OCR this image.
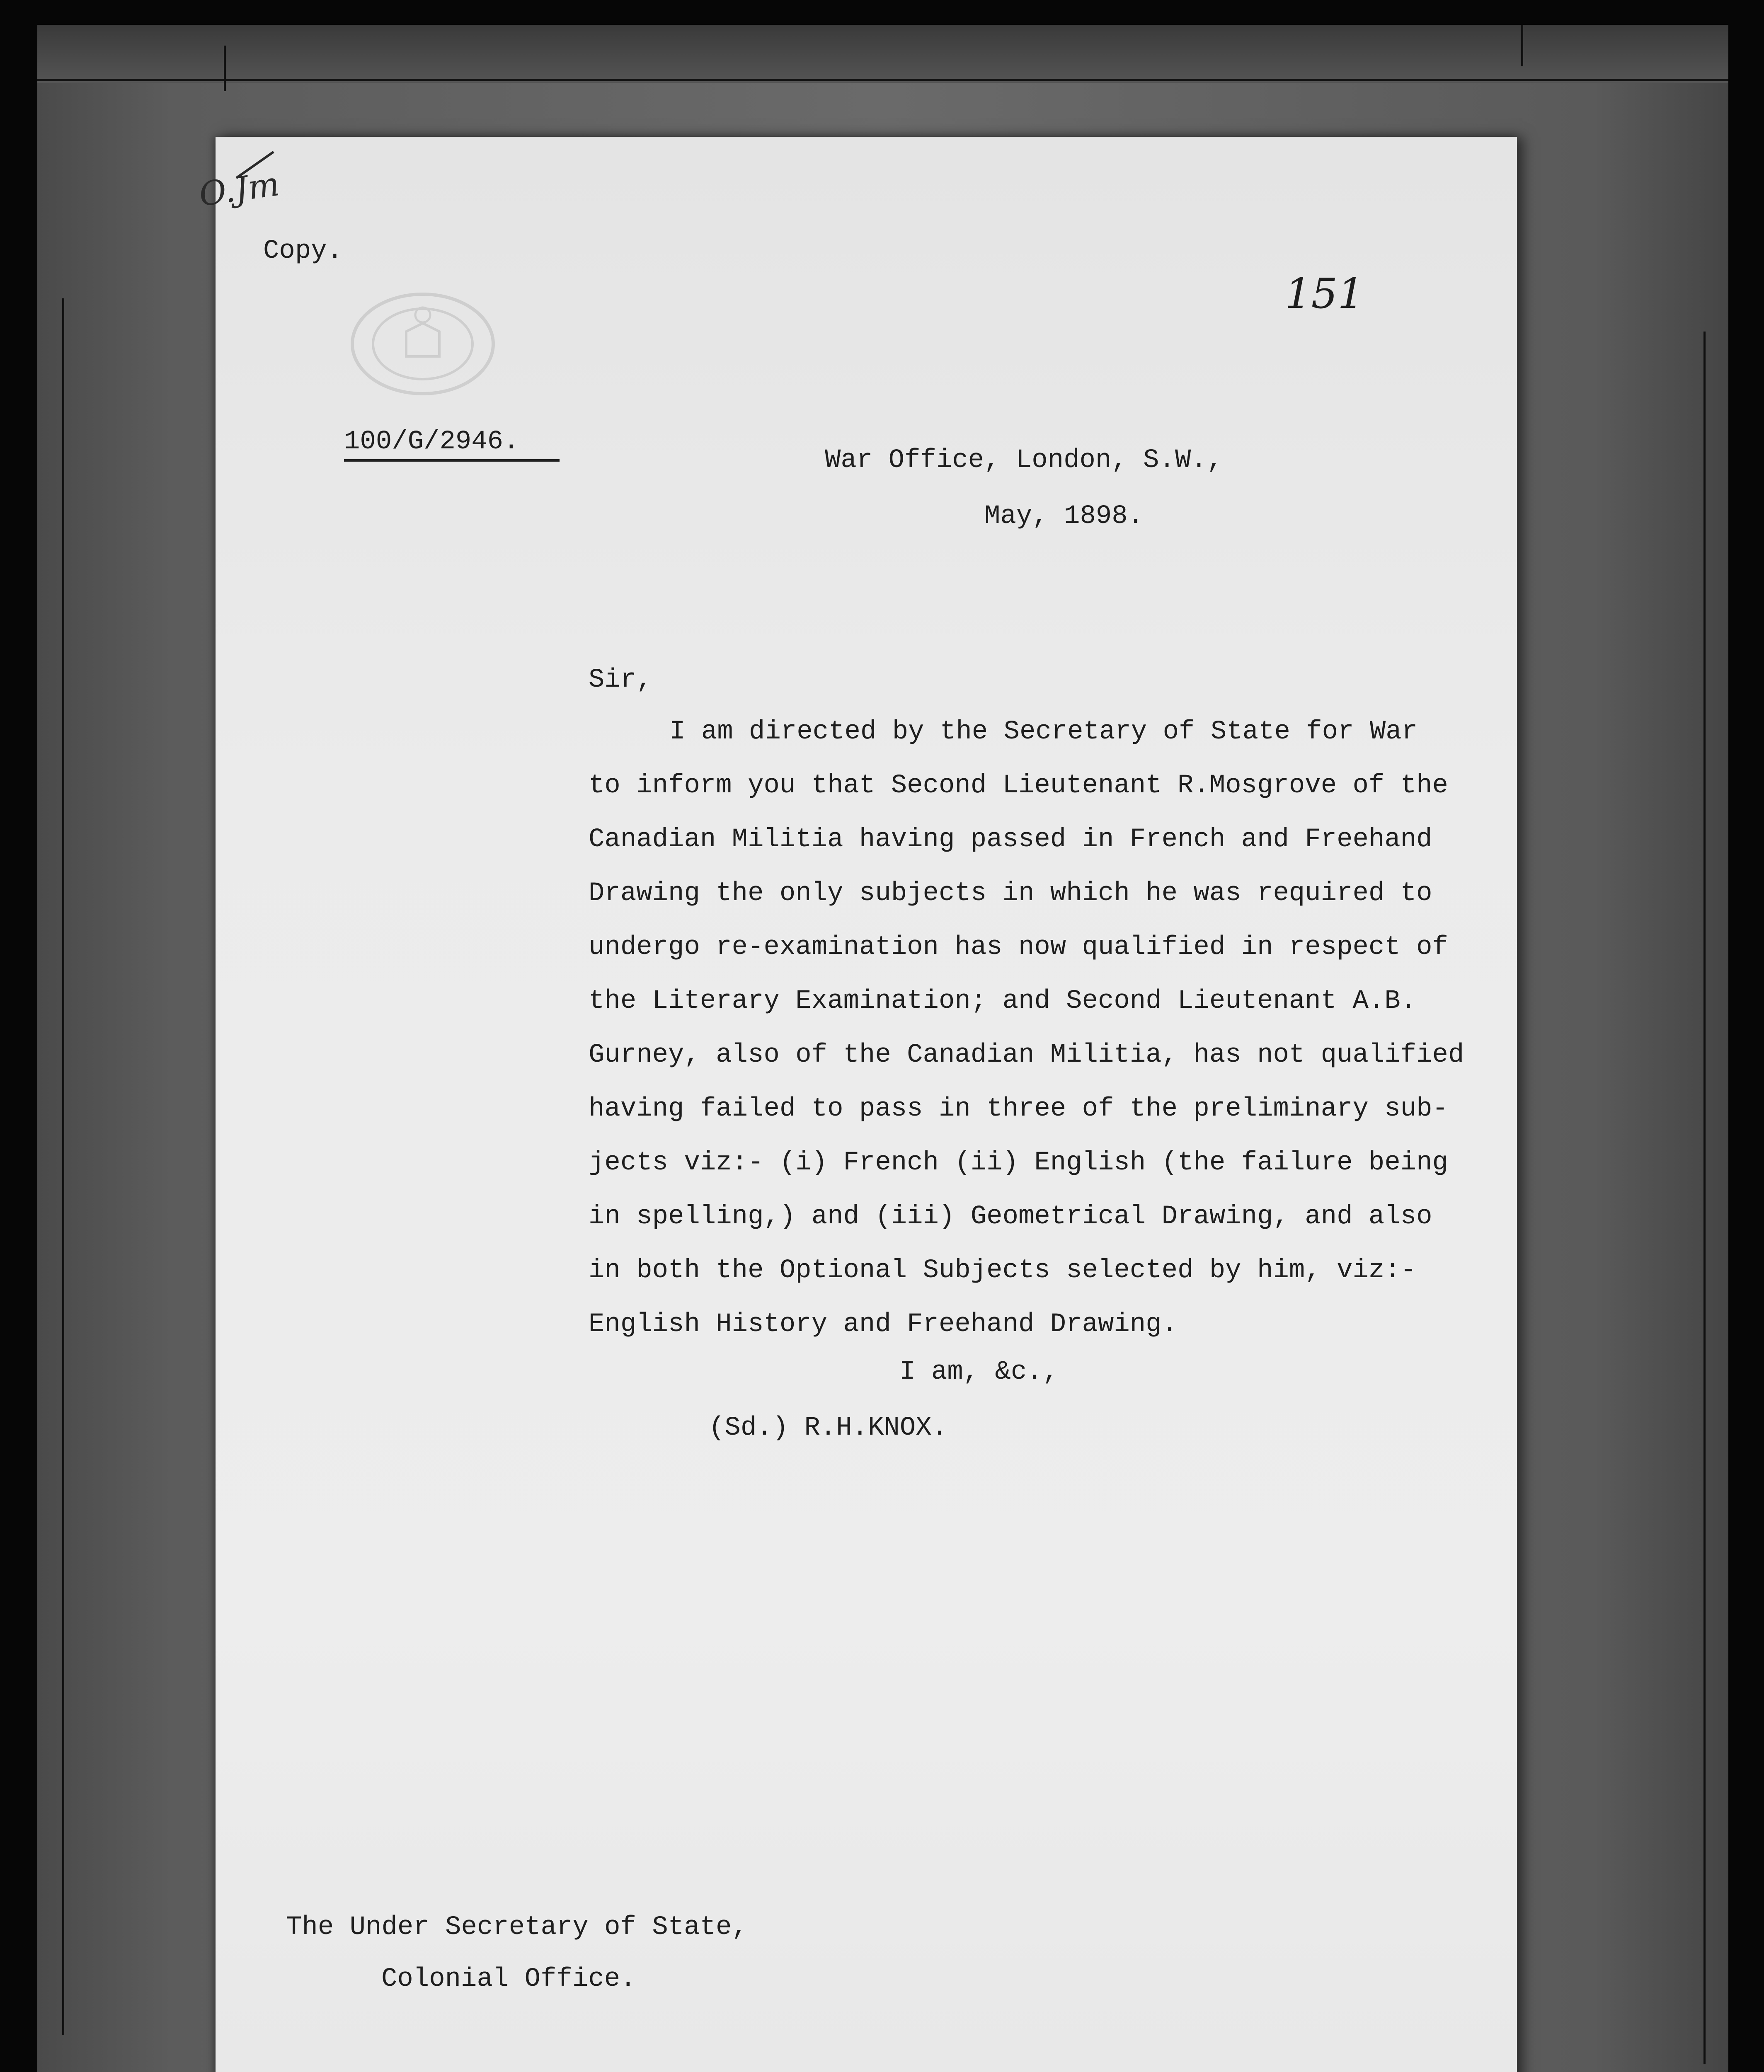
O.Jm
Copy.
151
100/G/2946.
War Office, London, S.W.,
May, 1898.
Sir,
I am directed by the Secretary of State for War
to inform you that Second Lieutenant R.Mosgrove of the
Canadian Militia having passed in French and Freehand
Drawing the only subjects in which he was required to
undergo re-examination has now qualified in respect of
the Literary Examination; and Second Lieutenant A.B.
Gurney, also of the Canadian Militia, has not qualified
having failed to pass in three of the preliminary sub-
jects viz:- (i) French (ii) English (the failure being
in spelling,) and (iii) Geometrical Drawing, and also
in both the Optional Subjects selected by him, viz:-
English History and Freehand Drawing.
I am, &c.,
(Sd.) R.H.KNOX.
The Under Secretary of State,
Colonial Office.
